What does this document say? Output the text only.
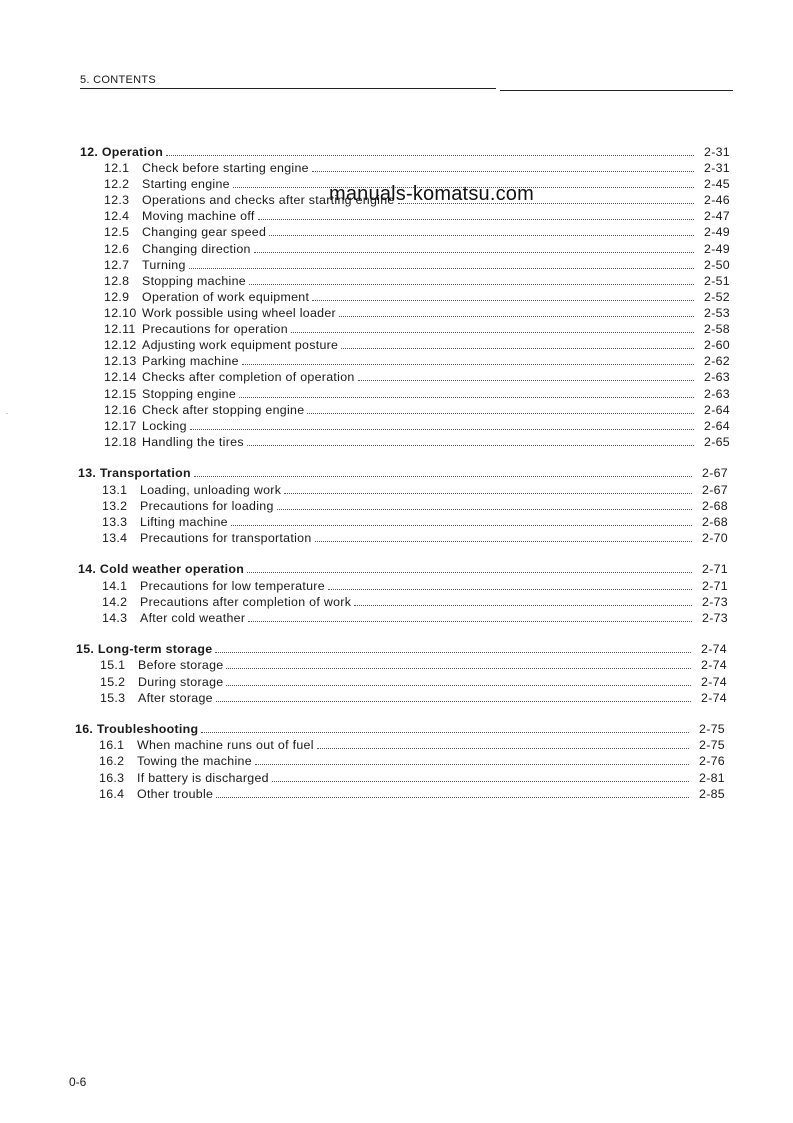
5. CONTENTS
12. Operation	2-31
12.1	Check before starting engine	2-31
12.2	Starting engine	2-45
12.3	Operations and checks after starting engine	2-46
12.4	Moving machine off	2-47
12.5	Changing gear speed	2-49
12.6	Changing direction	2-49
12.7	Turning	2-50
12.8	Stopping machine	2-51
12.9	Operation of work equipment	2-52
12.10 Work possible using wheel loader	2-53
12.11 Precautions for operation	2-58
12.12 Adjusting work equipment posture	2-60
12.13 Parking machine	2-62
12.14 Checks after completion of operation	2-63
12.15 Stopping engine	2-63
12.16 Check after stopping engine	2-64
12.17 Locking	2-64
12.18 Handling the tires	2-65
13. Transportation	2-67
13.1	Loading, unloading work	2-67
13.2	Precautions for loading	2-68
13.3	Lifting machine	2-68
13.4	Precautions for transportation	2-70
14. Cold weather operation	2-71
14.1	Precautions for low temperature	2-71
14.2	Precautions after completion of work	2-73
14.3	After cold weather	2-73
15. Long-term storage	2-74
15.1	Before storage	2-74
15.2	During storage	2-74
15.3	After storage	2-74
16. Troubleshooting	2-75
16.1	When machine runs out of fuel	2-75
16.2	Towing the machine	2-76
16.3	If battery is discharged	2-81
16.4	Other trouble	2-85
manuals-komatsu.com
.
0-6
